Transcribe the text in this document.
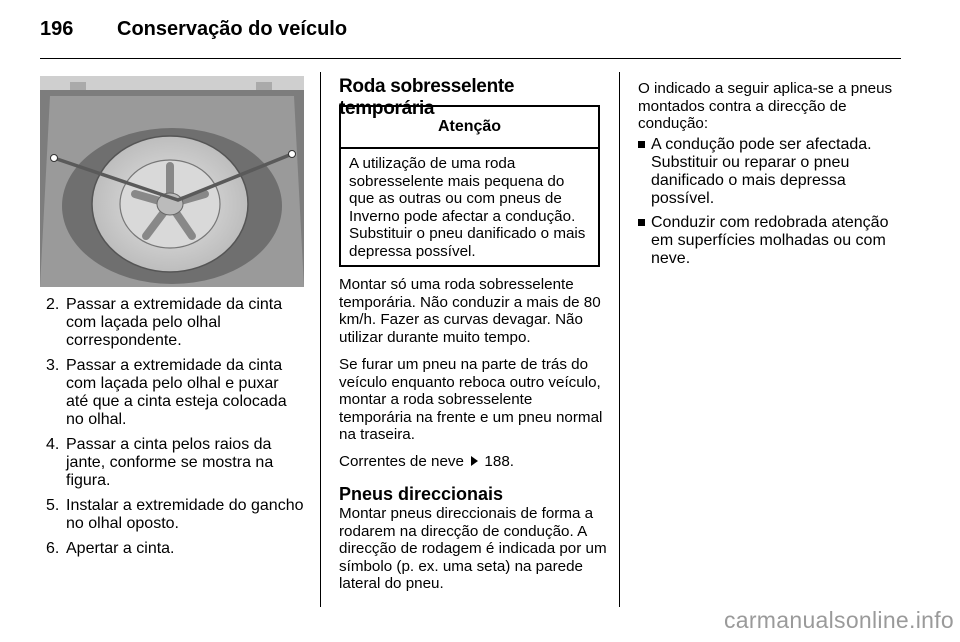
196 Conservação do veículo
2. Passar a extremidade da cinta com laçada pelo olhal correspondente.
3. Passar a extremidade da cinta com laçada pelo olhal e puxar até que a cinta esteja colocada no olhal.
4. Passar a cinta pelos raios da jante, conforme se mostra na figura.
5. Instalar a extremidade do gancho no olhal oposto.
6. Apertar a cinta.
Roda sobresselente temporária
Atenção
A utilização de uma roda sobresselente mais pequena do que as outras ou com pneus de Inverno pode afectar a condução. Substituir o pneu danificado o mais depressa possível.
Montar só uma roda sobresselente temporária. Não conduzir a mais de 80 km/h. Fazer as curvas devagar. Não utilizar durante muito tempo.
Se furar um pneu na parte de trás do veículo enquanto reboca outro veículo, montar a roda sobresselente temporária na frente e um pneu normal na traseira.
Correntes de neve 188.
Pneus direccionais
Montar pneus direccionais de forma a rodarem na direcção de condução. A direcção de rodagem é indicada por um símbolo (p. ex. uma seta) na parede lateral do pneu.
O indicado a seguir aplica-se a pneus montados contra a direcção de condução:
A condução pode ser afectada. Substituir ou reparar o pneu danificado o mais depressa possível.
Conduzir com redobrada atenção em superfícies molhadas ou com neve.
carmanualsonline.info
